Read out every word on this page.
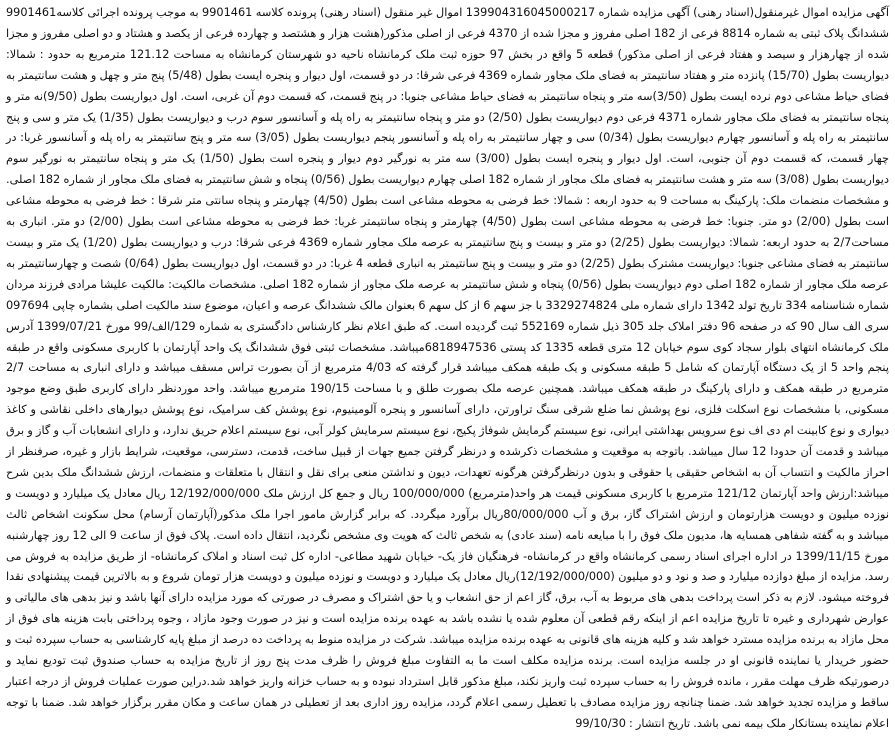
آگهی مزایده اموال غیرمنقول(اسناد رهنی) آگهی مزایده شماره 139904316045000217 اموال غیر منقول (اسناد رهنی) پرونده کلاسه 9901461 به موجب پرونده اجرائی کلاسه9901461 ششدانگ پلاک ثبتی به شماره 8814 فرعی از 182 اصلی مفروز و مجزا شده از 4370 فرعی از اصلی مذکور(هشت هزار و هشتصد و چهارده فرعی از یکصد و هشتاد و دو اصلی مفروز و مجزا شده از چهارهزار و سیصد و هفتاد فرعی از اصلی مذکور) قطعه 5 واقع در بخش 97 حوزه ثبت ملک کرمانشاه ناحیه دو شهرستان کرمانشاه به مساحت 121.12 مترمربع به حدود : شمالا: دیواریست بطول (15/70) پانزده متر و هفتاد سانتیمتر به فضای ملک مجاور شماره 4369 فرعی شرقا: در دو قسمت، اول دیوار و پنجره ایست بطول (5/48) پنج متر و چهل و هشت سانتیمتر به فضای حیاط مشاعی دوم نرده ایست بطول (3/50)سه متر و پنجاه سانتیمتر به فضای حیاط مشاعی جنوبا: در پنج قسمت، که قسمت دوم آن غربی، است. اول دیواریست بطول (9/50)نه متر و پنجاه سانتیمتر به فضای ملک مجاور شماره 4371 فرعی دوم دیواریست بطول (2/50) دو متر و پنجاه سانتیمتر به راه پله و آسانسور سوم درب و دیواریست بطول (1/35) یک متر و سی و پنج سانتیمتر به راه پله و آسانسور چهارم دیواریست بطول (0/34) سی و چهار سانتیمتر به راه پله و آسانسور پنجم دیواریست بطول (3/05) سه متر و پنج سانتیمتر به راه پله و آسانسور غربا: در چهار قسمت، که قسمت دوم آن جنوبی، است. اول دیوار و پنجره ایست بطول (3/00) سه متر به نورگیر دوم دیوار و پنجره است بطول (1/50) یک متر و پنجاه سانتیمتر به نورگیر سوم دیواریست بطول (3/08) سه متر و هشت سانتیمتر به فضای ملک مجاور از شماره 182 اصلی چهارم دیواریست بطول (0/56) پنجاه و شش سانتیمتر به فضای ملک مجاور از شماره 182 اصلی. و مشخصات منضمات ملک: پارکینگ به مساحت 9 به حدود اربعه : شمالا: خط فرضی به محوطه مشاعی است بطول (4/50) چهارمتر و پنجاه سانتی متر شرقا : خط فرضی به محوطه مشاعی است بطول (2/00) دو متر. جنوبا: خط فرضی به محوطه مشاعی است بطول (4/50) چهارمتر و پنجاه سانتیمتر غربا: خط فرضی به محوطه مشاعی است بطول (2/00) دو متر. انباری به مساحت2/7 به حدود اربعه: شمالا: دیواریست بطول (2/25) دو متر و بیست و پنج سانتیمتر به عرصه ملک مجاور شماره 4369 فرعی شرقا: درب و دیواریست بطول (1/20) یک متر و بیست سانتیمتر به فضای مشاعی جنوبا: دیواریست مشترک بطول (2/25) دو متر و بیست و پنج سانتیمتر به انباری قطعه 4 غربا: در دو قسمت، اول دیواریست بطول (0/64) شصت و چهارسانتیمتر به عرصه ملک مجاور از شماره 182 اصلی دوم دیواریست بطول (0/56) پنجاه و شش سانتیمتر به عرصه ملک مجاور از شماره 182 اصلی. مشخصات مالکیت: مالکیت علیشا مرادی فرزند مردان شماره شناسنامه 334 تاریخ تولد 1342 دارای شماره ملی 3329274824 با جز سهم 6 از کل سهم 6 بعنوان مالک ششدانگ عرصه و اعیان، موضوع سند مالکیت اصلی بشماره چاپی 097694 سری الف سال 90 که در صفحه 96 دفتر املاک جلد 305 ذیل شماره 552169 ثبت گردیده است. که طبق اعلام نظر کارشناس دادگستری به شماره 129/الف/99 مورخ 1399/07/21 آدرس ملک کرمانشاه انتهای بلوار سجاد کوی سوم خیابان 12 متری قطعه 1335 کد پستی 6818947536میباشد. مشخصات ثبتی فوق ششدانگ یک واحد آپارتمان با کاربری مسکونی واقع در طبقه پنجم واحد 5 از یک دستگاه آپارتمان که شامل 5 طبقه مسکونی و یک طبقه همکف میباشد قرار گرفته که 4/03 مترمربع از آن بصورت تراس مسقف میباشد و دارای انباری به مساحت 2/7 مترمربع در طبقه همکف و دارای پارکینگ در طبقه همکف میباشد. همچنین عرصه ملک بصورت طلق و با مساحت 190/15 مترمربع میباشد. واحد موردنظر دارای کاربری طبق وضع موجود مسکونی، با مشخصات نوع اسکلت فلزی، نوع پوشش نما ضلع شرقی سنگ تراورتن، دارای آسانسور و پنجره آلومینیوم، نوع پوشش کف سرامیک، نوع پوشش دیوارهای داخلی نقاشی و کاغذ دیواری و نوع کابینت ام دی اف نوع سرویس بهداشتی ایرانی، نوع سیستم گرمایش شوفاژ پکیج، نوع سیستم سرمایش کولر آبی، نوع سیستم اعلام حریق ندارد، و دارای انشعابات آب و گاز و برق میباشد و قدمت آن حدودا 12 سال میباشد. باتوجه به موقعیت و مشخصات ذکرشده و درنظر گرفتن جمیع جهات از قبیل ساخت، قدمت، دسترسی، موقعیت، شرایط بازار و غیره، صرفنظر از احراز مالکیت و انتساب آن به اشخاص حقیقی یا حقوقی و بدون درنظرگرفتن هرگونه تعهدات، دیون و نداشتن منعی برای نقل و انتقال با متعلقات و منضمات، ارزش ششدانگ ملک بدین شرح میباشد:ارزش واحد آپارتمان 121/12 مترمربع با کاربری مسکونی قیمت هر واحد(مترمربع) 100/000/000 ریال و جمع کل ارزش ملک 12/192/000/000 ریال معادل یک میلیارد و دویست و نوزده میلیون و دویست هزارتومان و ارزش اشتراک گاز، برق و آب 80/000/000ریال برآورد میگردد. که برابر گزارش مامور اجرا ملک مذکور(آپارتمان آرسام) محل سکونت اشخاص ثالث میباشد و به گفته شفاهی همسایه ها، مدیون ملک فوق را با مبایعه نامه (سند عادی) به شخص ثالث که هویت وی مشخص نگردید، انتقال داده است. پلاک فوق از ساعت 9 الی 12 روز چهارشنبه مورخ 1399/11/15 در اداره اجرای اسناد رسمی کرمانشاه واقع در کرمانشاه- فرهنگیان فاز یک- خیابان شهید مطاعی- اداره کل ثبت اسناد و املاک کرمانشاه- از طریق مزایده به فروش می رسد. مزایده از مبلغ دوازده میلیارد و صد و نود و دو میلیون (12/192/000/000)ریال معادل یک میلیارد و دویست و نوزده میلیون و دویست هزار تومان شروع و به بالاترین قیمت پیشنهادی نقدا فروخته میشود. لازم به ذکر است پرداخت بدهی های مربوط به آب، برق، گاز اعم از حق انشعاب و یا حق اشتراک و مصرف در صورتی که مورد مزایده دارای آنها باشد و نیز بدهی های مالیاتی و عوارض شهرداری و غیره تا تاریخ مزایده اعم از اینکه رقم قطعی آن معلوم شده یا نشده باشد به عهده برنده مزایده است و نیز در صورت وجود مازاد ، وجوه پرداختی بابت هزینه های فوق از محل مازاد به برنده مزایده مسترد خواهد شد و کلیه هزینه های قانونی به عهده برنده مزایده میباشد. شرکت در مزایده منوط به پرداخت ده درصد از مبلغ پایه کارشناسی به حساب سپرده ثبت و حضور خریدار یا نماینده قانونی او در جلسه مزایده است. برنده مزایده مکلف است ما به التفاوت مبلغ فروش را ظرف مدت پنج روز از تاریخ مزایده به حساب صندوق ثبت تودیع نماید و درصورتیکه ظرف مهلت مقرر ، مانده فروش را به حساب سپرده ثبت واریز نکند، مبلغ مذکور قابل استرداد نبوده و به حساب خزانه واریز خواهد شد.دراین صورت عملیات فروش از درجه اعتبار ساقط و مزایده تجدید خواهد شد. ضمنا چنانچه روز مزایده مصادف با تعطیل رسمی اعلام گردد، مزایده روز اداری بعد از تعطیلی در همان ساعت و مکان مقرر برگزار خواهد شد. ضمنا با توجه اعلام نماینده بستانکار ملک بیمه نمی باشد. تاریخ انتشار : 99/10/30
